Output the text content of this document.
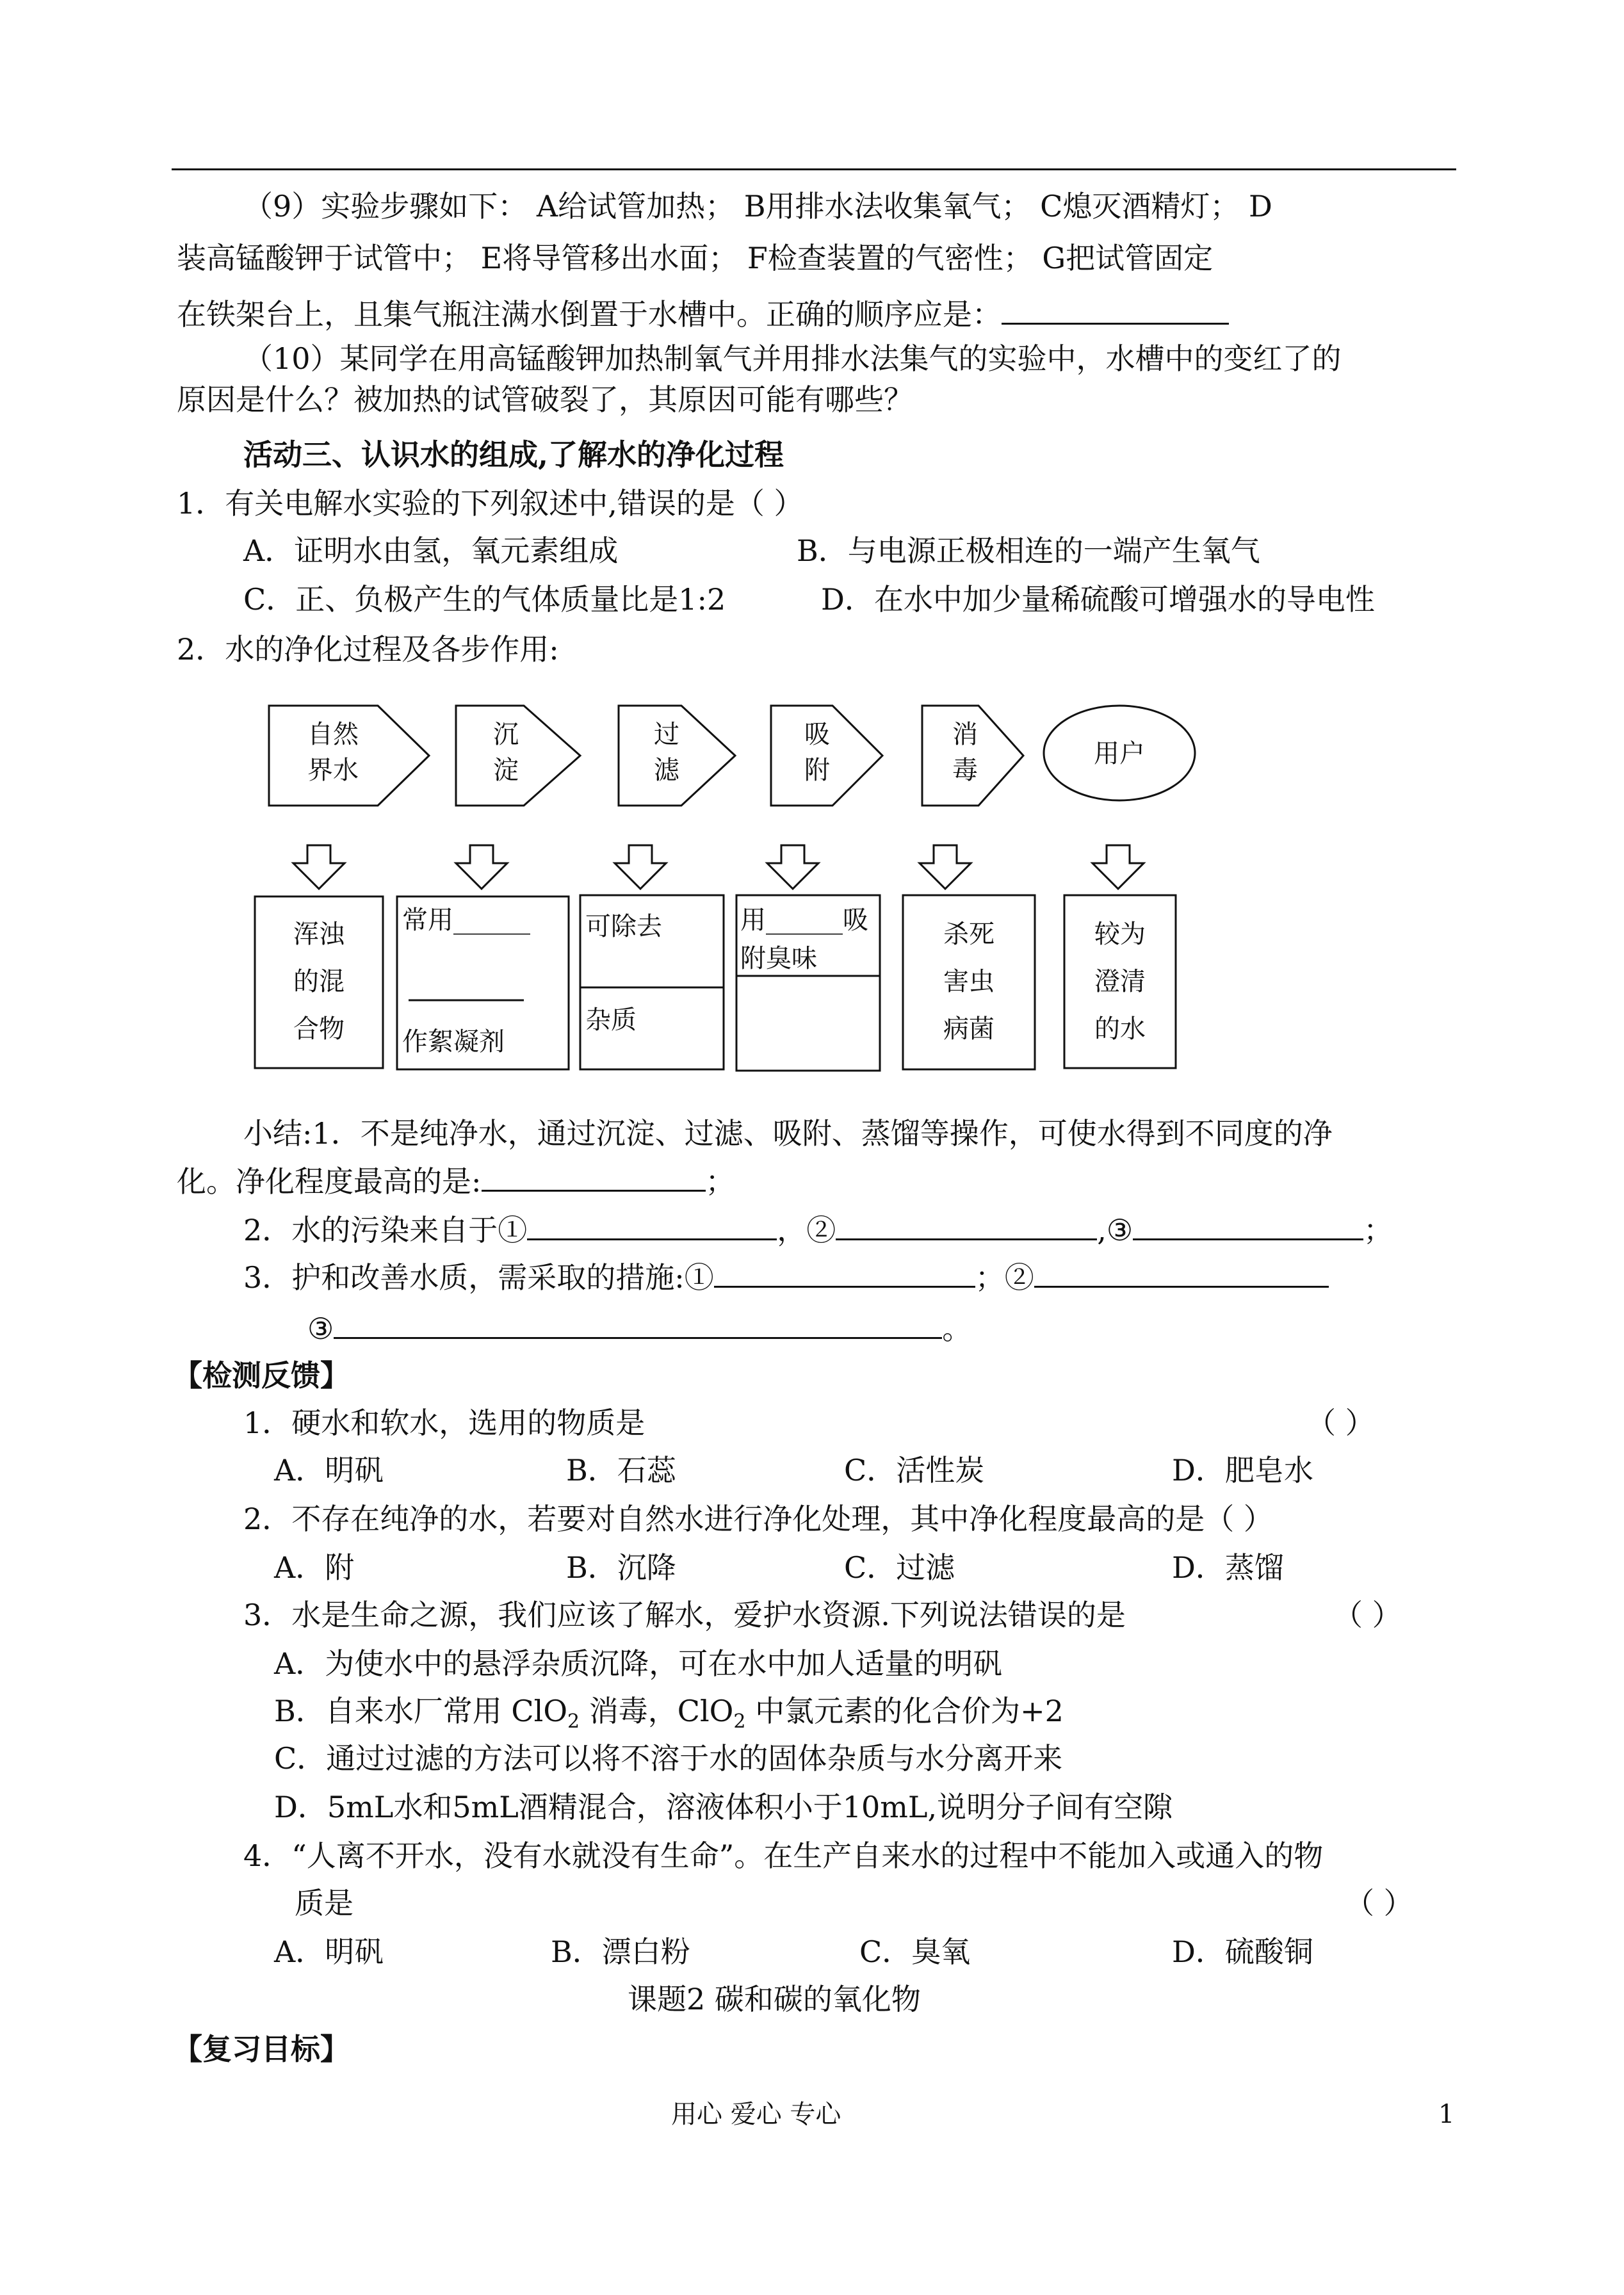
（9）实验步骤如下： A给试管加热； B用排水法收集氧气； C熄灭酒精灯； D
装高锰酸钾于试管中； E将导管移出水面； F检查装置的气密性； G把试管固定
在铁架台上，且集气瓶注满水倒置于水槽中。正确的顺序应是：
（10）某同学在用高锰酸钾加热制氧气并用排水法集气的实验中，水槽中的变红了的
原因是什么？被加热的试管破裂了，其原因可能有哪些？
活动三、认识水的组成,了解水的净化过程
1．有关电解水实验的下列叙述中,错误的是（ ）
A．证明水由氢，氧元素组成	B．与电源正极相连的一端产生氧气
C．正、负极产生的气体质量比是1:2	D．在水中加少量稀硫酸可增强水的导电性
2．水的净化过程及各步作用:
自然
界水
沉
淀
过
滤
吸
附
消
毒
用户
浑浊
的混
合物
常用______
作絮凝剂
可除去
杂质
用______吸
附臭味
杀死
害虫
病菌
较为
澄清
的水
小结:1．不是纯净水，通过沉淀、过滤、吸附、蒸馏等操作，可使水得到不同度的净
化。净化程度最高的是:	；
2．水的污染来自于①	，②	,③	；
3．护和改善水质，需采取的措施:①	；②
③	。
【检测反馈】
1．硬水和软水，选用的物质是	（ ）
A．明矾	B．石蕊	C．活性炭	D．肥皂水
2．不存在纯净的水，若要对自然水进行净化处理，其中净化程度最高的是（ ）
A．附	B．沉降	C．过滤	D．蒸馏
3．水是生命之源，我们应该了解水，爱护水资源.下列说法错误的是	（ ）
A．为使水中的悬浮杂质沉降，可在水中加人适量的明矾
B．自来水厂常用 ClO$_2$ 消毒，ClO$_2$ 中氯元素的化合价为+2
C．通过过滤的方法可以将不溶于水的固体杂质与水分离开来
D．5mL水和5mL酒精混合，溶液体积小于10mL,说明分子间有空隙
4．“人离不开水，没有水就没有生命”。在生产自来水的过程中不能加入或通入的物
质是	（ ）
A．明矾	B．漂白粉	C．臭氧	D．硫酸铜
课题2 碳和碳的氧化物
【复习目标】
用心 爱心 专心	1
